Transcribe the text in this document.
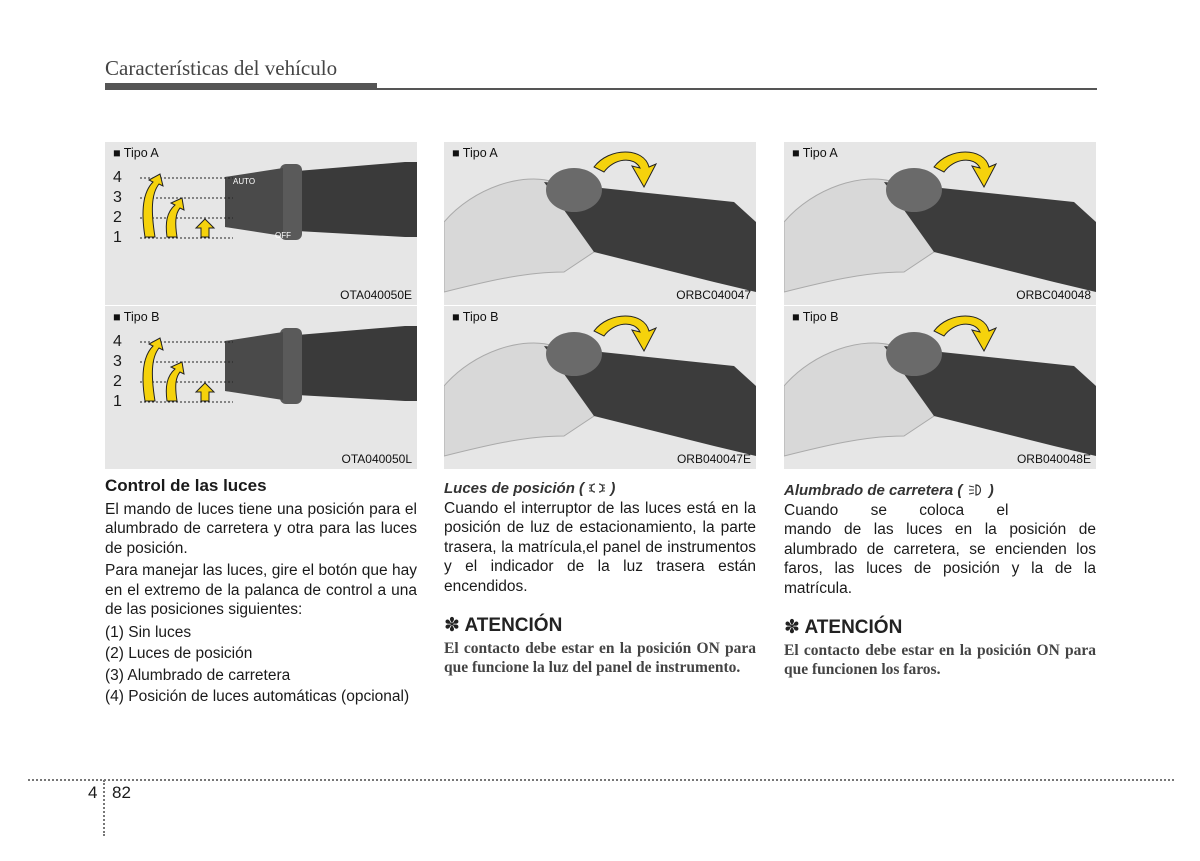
Características del vehículo
AUTO
OFF
■ Tipo A
4
3
2
1
OTA040050E
■ Tipo B
4
3
2
1
OTA040050L
■ Tipo A
ORBC040047
■ Tipo B
ORB040047E
■ Tipo A
ORBC040048
■ Tipo B
ORB040048E
Control de las luces

El mando de luces tiene una posición para el alumbrado de carretera y otra para las luces de posición.

Para manejar las luces, gire el botón que hay en el extremo de la palanca de control a una de las posiciones siguientes:

(1) Sin luces
(2) Luces de posición
(3) Alumbrado de carretera
(4) Posición de luces automáticas (opcional)
Luces de posición ( )

Cuando el interruptor de las luces está en la posición de luz de estacionamiento, la parte trasera, la matrícula,el panel de instrumentos y el indicador de la luz trasera están encendidos.

✽ ATENCIÓN
El contacto debe estar en la posición ON para que funcione la luz del panel de instrumento.
Alumbrado de carretera ( )
Cuando se coloca el

mando de las luces en la posición de alumbrado de carretera, se encienden los faros, las luces de posición y la de la matrícula.

✽ ATENCIÓN
El contacto debe estar en la posición ON para que funcionen los faros.
4 82
